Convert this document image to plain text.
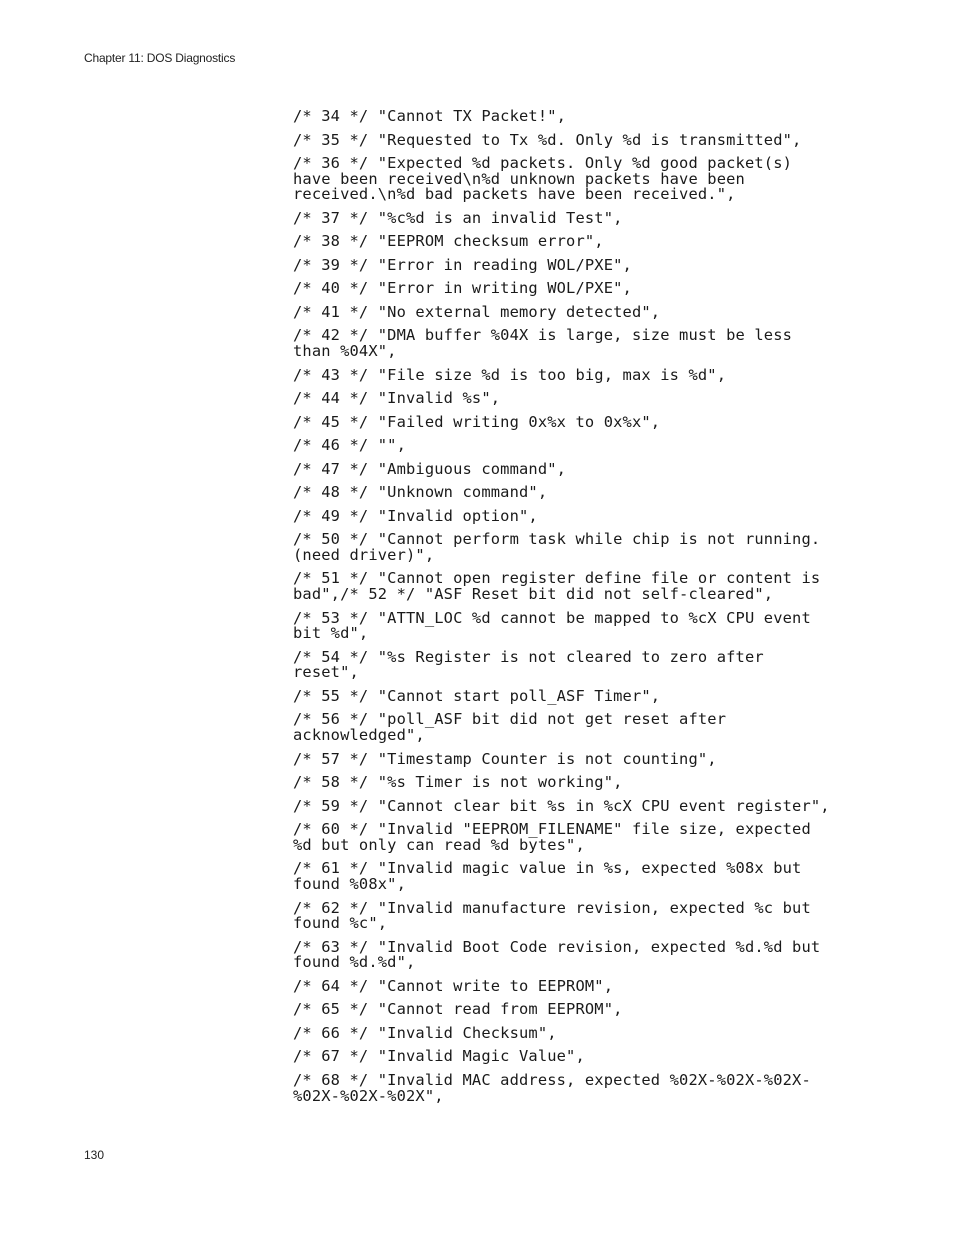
Chapter 11: DOS Diagnostics
/* 34 */ "Cannot TX Packet!",
/* 35 */ "Requested to Tx %d. Only %d is transmitted",
/* 36 */ "Expected %d packets. Only %d good packet(s) have been received\n%d unknown packets have been received.\n%d bad packets have been received.",
/* 37 */ "%c%d is an invalid Test",
/* 38 */ "EEPROM checksum error",
/* 39 */ "Error in reading WOL/PXE",
/* 40 */ "Error in writing WOL/PXE",
/* 41 */ "No external memory detected",
/* 42 */ "DMA buffer %04X is large, size must be less than %04X",
/* 43 */ "File size %d is too big, max is %d",
/* 44 */ "Invalid %s",
/* 45 */ "Failed writing 0x%x to 0x%x",
/* 46 */ "",
/* 47 */ "Ambiguous command",
/* 48 */ "Unknown command",
/* 49 */ "Invalid option",
/* 50 */ "Cannot perform task while chip is not running. (need driver)",
/* 51 */ "Cannot open register define file or content is bad",/* 52 */ "ASF Reset bit did not self-cleared",
/* 53 */ "ATTN_LOC %d cannot be mapped to %cX CPU event bit %d",
/* 54 */ "%s Register is not cleared to zero after reset",
/* 55 */ "Cannot start poll_ASF Timer",
/* 56 */ "poll_ASF bit did not get reset after acknowledged",
/* 57 */ "Timestamp Counter is not counting",
/* 58 */ "%s Timer is not working",
/* 59 */ "Cannot clear bit %s in %cX CPU event register",
/* 60 */ "Invalid "EEPROM_FILENAME" file size, expected %d but only can read %d bytes",
/* 61 */ "Invalid magic value in %s, expected %08x but found %08x",
/* 62 */ "Invalid manufacture revision, expected %c but found %c",
/* 63 */ "Invalid Boot Code revision, expected %d.%d but found %d.%d",
/* 64 */ "Cannot write to EEPROM",
/* 65 */ "Cannot read from EEPROM",
/* 66 */ "Invalid Checksum",
/* 67 */ "Invalid Magic Value",
/* 68 */ "Invalid MAC address, expected %02X-%02X-%02X-%02X-%02X-%02X",
130
